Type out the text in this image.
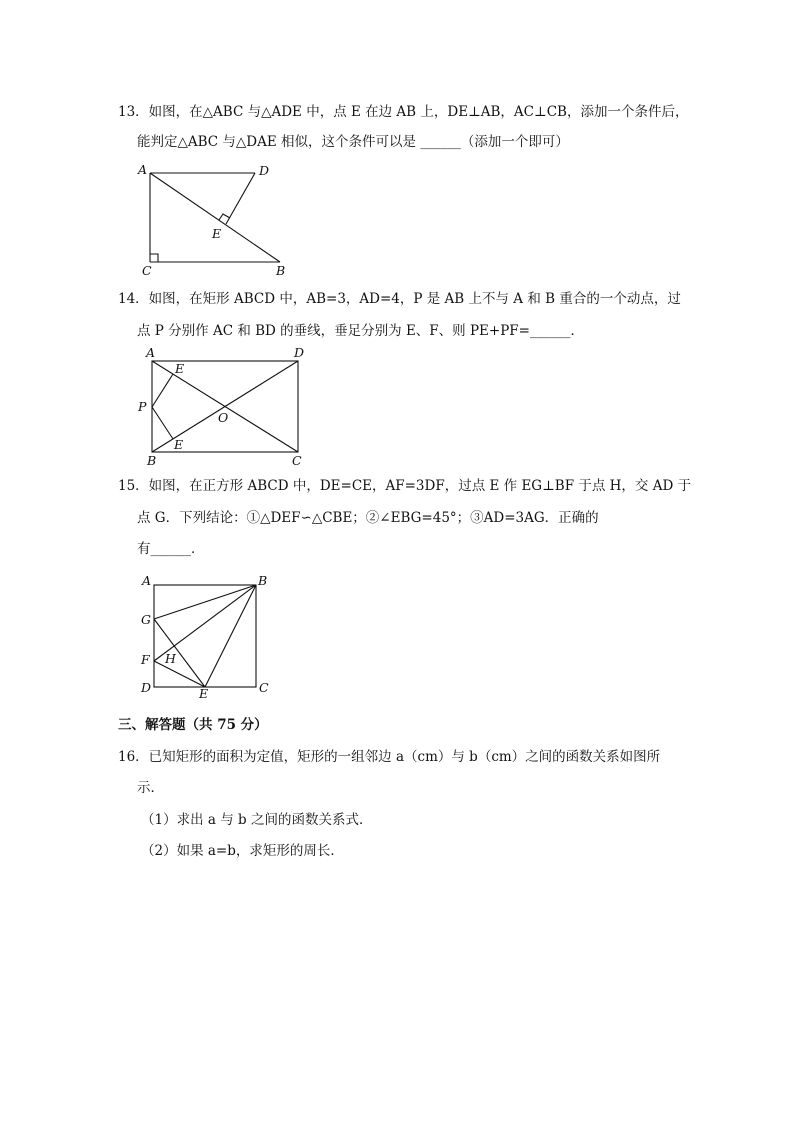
13．如图，在△ABC 与△ADE 中，点 E 在边 AB 上，DE⊥AB，AC⊥CB，添加一个条件后，
能判定△ABC 与△DAE 相似，这个条件可以是 ______（添加一个即可）
A	D
E
C	B
14．如图，在矩形 ABCD 中，AB=3，AD=4，P 是 AB 上不与 A 和 B 重合的一个动点，过
点 P 分别作 AC 和 BD 的垂线，垂足分别为 E、F、则 PE+PF=______．
A	D
E
P
O
E
B	C
15．如图，在正方形 ABCD 中，DE=CE，AF=3DF，过点 E 作 EG⊥BF 于点 H，交 AD 于
点 G．下列结论：①△DEF∽△CBE；②∠EBG=45°；③AD=3AG．正确的
有______．
A	B
G
F H
D	E	C
三、解答题（共 75 分）
16．已知矩形的面积为定值，矩形的一组邻边 a（cm）与 b（cm）之间的函数关系如图所
示．
（1）求出 a 与 b 之间的函数关系式．
（2）如果 a=b，求矩形的周长．
